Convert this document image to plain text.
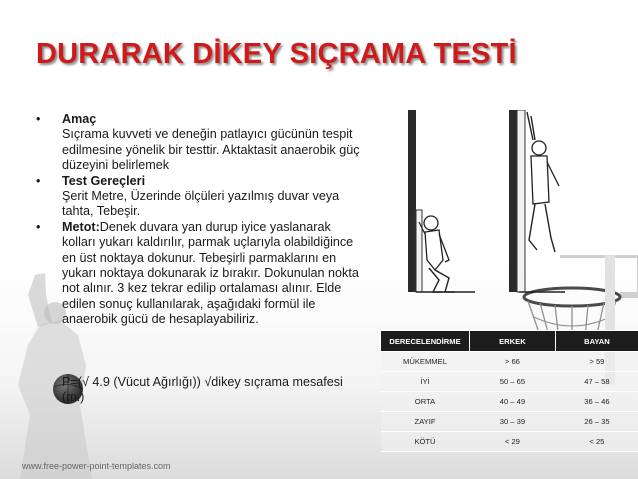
DURARAK DİKEY SIÇRAMA TESTİ
• Amaç
Sıçrama kuvveti ve deneğin patlayıcı gücünün tespit edilmesine yönelik bir testtir. Aktaktasit anaerobik güç düzeyini belirlemek
• Test Gereçleri
Şerit Metre, Üzerinde ölçüleri yazılmış duvar veya tahta, Tebeşir.
• Metot:Denek duvara yan durup iyice yaslanarak kolları yukarı kaldırılır, parmak uçlarıyla olabildiğince en üst noktaya dokunur. Tebeşirli parmaklarını en yukarı noktaya dokunarak iz bırakır. Dokunulan nokta not alınır. 3 kez tekrar edilip ortalaması alınır. Elde edilen sonuç kullanılarak, aşağıdaki formül ile anaerobik gücü de hesaplayabiliriz.
P=(√ 4.9 (Vücut Ağırlığı)) √dikey sıçrama mesafesi (m.)
DERECELENDİRME	ERKEK	BAYAN
MÜKEMMEL	> 66	> 59
İYİ	50 – 65	47 – 58
ORTA	40 – 49	36 – 46
ZAYIF	30 – 39	26 – 35
KÖTÜ	< 29	< 25
www.free-power-point-templates.com
